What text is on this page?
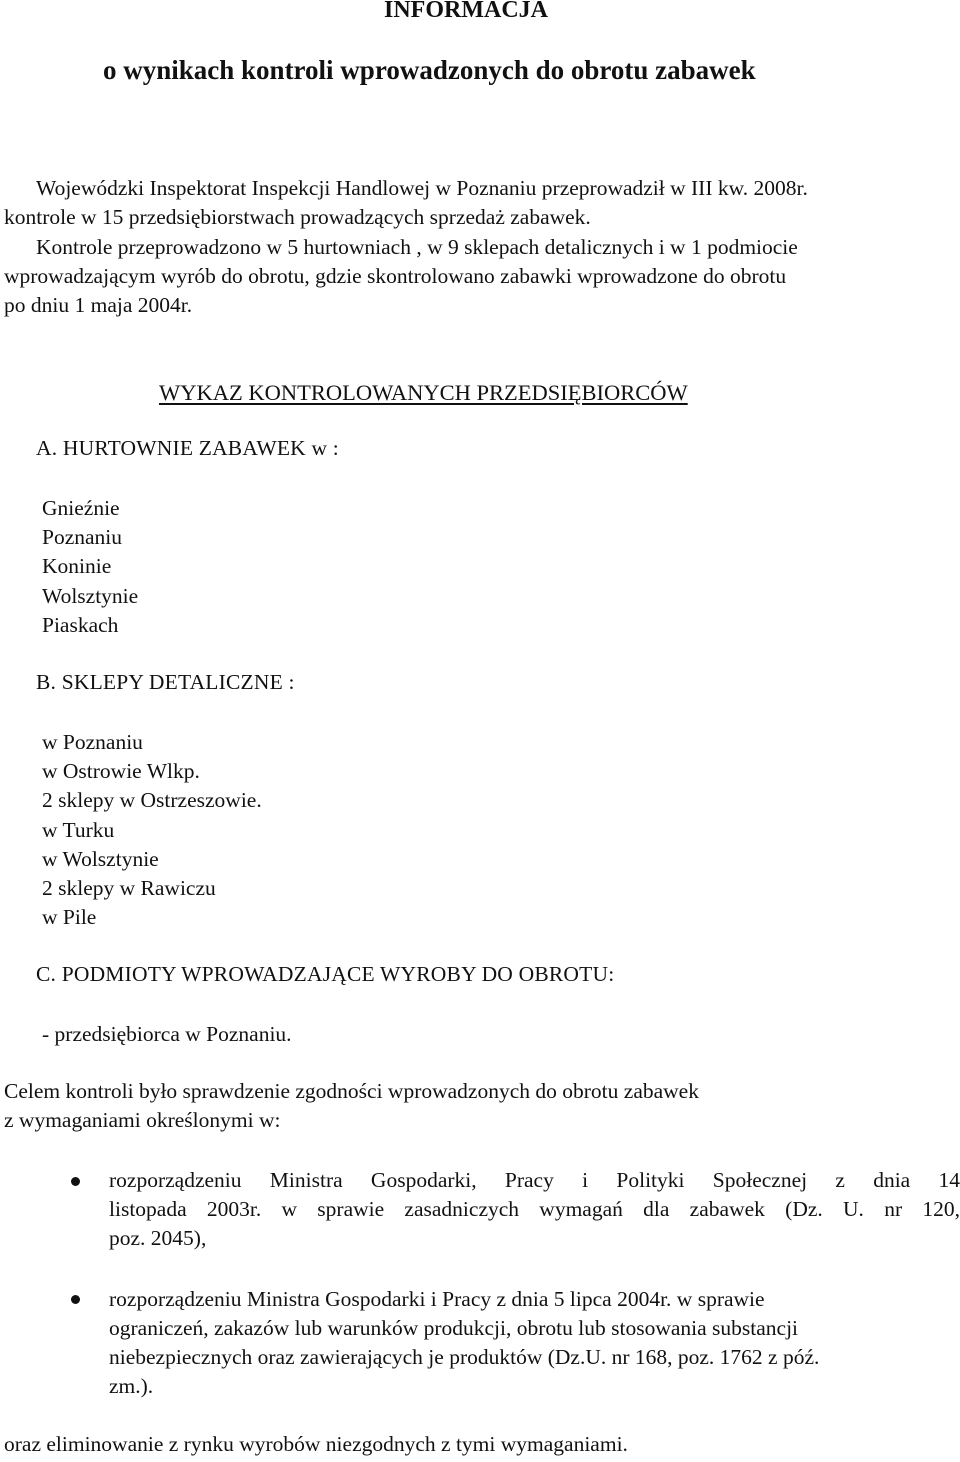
INFORMACJA
o wynikach kontroli wprowadzonych do obrotu zabawek
Wojewódzki Inspektorat Inspekcji Handlowej w Poznaniu przeprowadził w III kw. 2008r.
kontrole w 15 przedsiębiorstwach prowadzących sprzedaż zabawek.
Kontrole przeprowadzono w 5 hurtowniach , w 9 sklepach detalicznych i w 1 podmiocie
wprowadzającym wyrób do obrotu, gdzie skontrolowano zabawki wprowadzone do obrotu
po dniu 1 maja 2004r.
WYKAZ KONTROLOWANYCH PRZEDSIĘBIORCÓW
A. HURTOWNIE ZABAWEK w :
Gnieźnie
Poznaniu
Koninie
Wolsztynie
Piaskach
B. SKLEPY DETALICZNE :
w Poznaniu
w Ostrowie Wlkp.
2 sklepy w Ostrzeszowie.
w Turku
w Wolsztynie
2 sklepy w Rawiczu
w Pile
C. PODMIOTY WPROWADZAJĄCE WYROBY DO OBROTU:
- przedsiębiorca w Poznaniu.
Celem kontroli było sprawdzenie zgodności wprowadzonych do obrotu zabawek
z wymaganiami określonymi w:
rozporządzeniu Ministra Gospodarki, Pracy i Polityki Społecznej z dnia 14
listopada 2003r. w sprawie zasadniczych wymagań dla zabawek (Dz. U. nr 120,
poz. 2045),
rozporządzeniu Ministra Gospodarki i Pracy z dnia 5 lipca 2004r. w sprawie
ograniczeń, zakazów lub warunków produkcji, obrotu lub stosowania substancji
niebezpiecznych oraz zawierających je produktów (Dz.U. nr 168, poz. 1762 z póź.
zm.).
oraz eliminowanie z rynku wyrobów niezgodnych z tymi wymaganiami.
